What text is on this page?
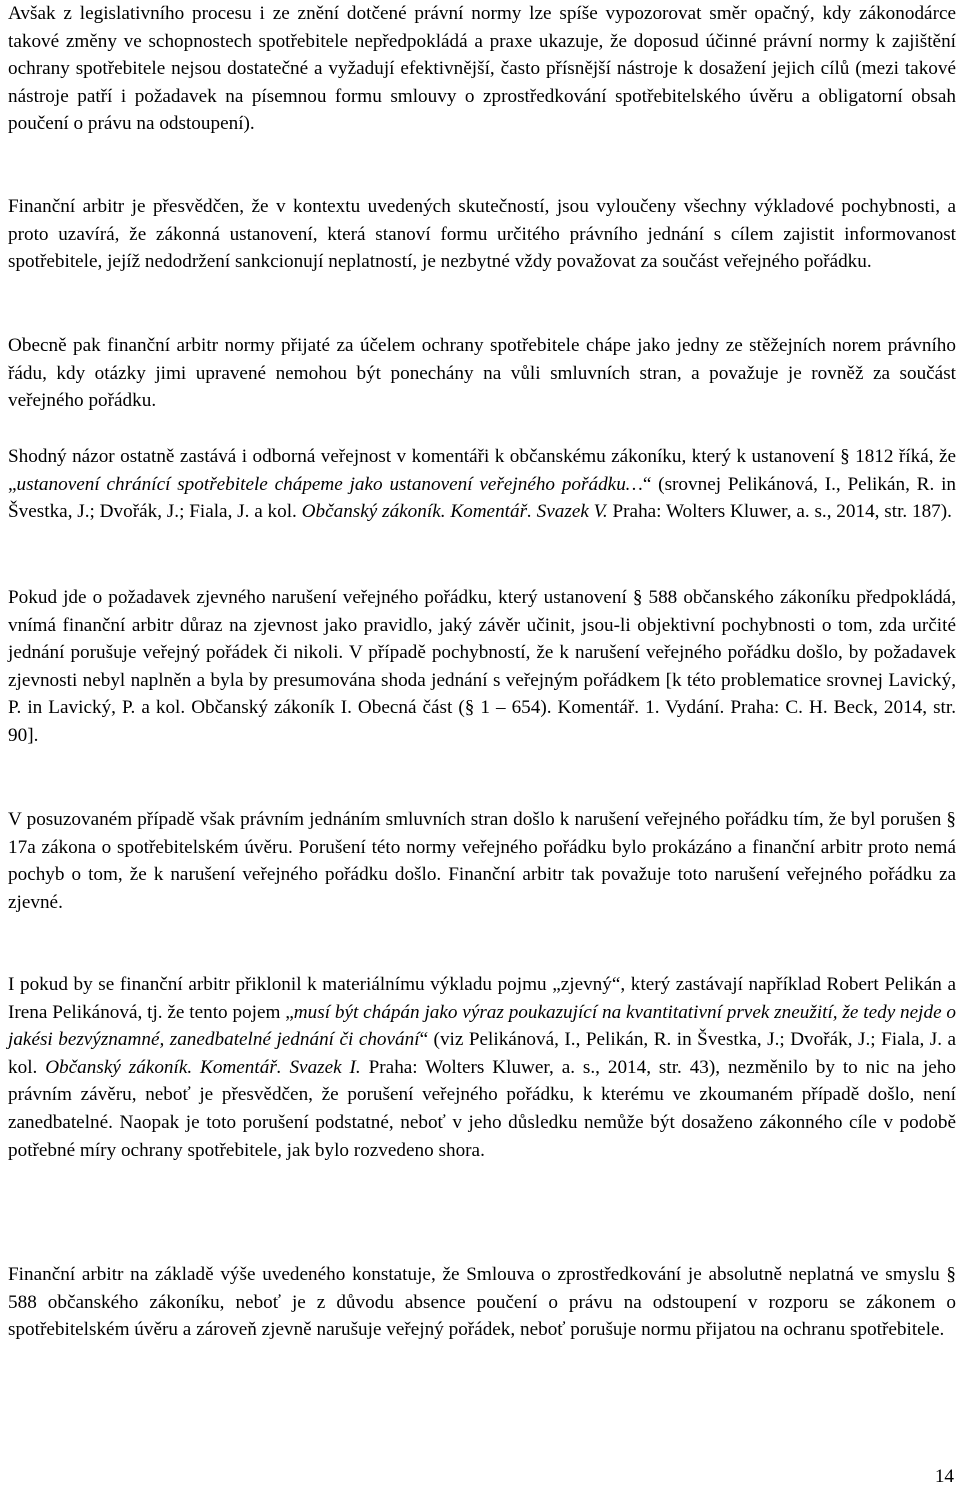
Avšak z legislativního procesu i ze znění dotčené právní normy lze spíše vypozorovat směr opačný, kdy zákonodárce takové změny ve schopnostech spotřebitele nepředpokládá a praxe ukazuje, že doposud účinné právní normy k zajištění ochrany spotřebitele nejsou dostatečné a vyžadují efektivnější, často přísnější nástroje k dosažení jejich cílů (mezi takové nástroje patří i požadavek na písemnou formu smlouvy o zprostředkování spotřebitelského úvěru a obligatorní obsah poučení o právu na odstoupení).

Finanční arbitr je přesvědčen, že v kontextu uvedených skutečností, jsou vyloučeny všechny výkladové pochybnosti, a proto uzavírá, že zákonná ustanovení, která stanoví formu určitého právního jednání s cílem zajistit informovanost spotřebitele, jejíž nedodržení sankcionují neplatností, je nezbytné vždy považovat za součást veřejného pořádku.

Obecně pak finanční arbitr normy přijaté za účelem ochrany spotřebitele chápe jako jedny ze stěžejních norem právního řádu, kdy otázky jimi upravené nemohou být ponechány na vůli smluvních stran, a považuje je rovněž za součást veřejného pořádku.

Shodný názor ostatně zastává i odborná veřejnost v komentáři k občanskému zákoníku, který k ustanovení § 1812 říká, že „ustanovení chránící spotřebitele chápeme jako ustanovení veřejného pořádku…“ (srovnej Pelikánová, I., Pelikán, R. in Švestka, J.; Dvořák, J.; Fiala, J. a kol. Občanský zákoník. Komentář. Svazek V. Praha: Wolters Kluwer, a. s., 2014, str. 187).

Pokud jde o požadavek zjevného narušení veřejného pořádku, který ustanovení § 588 občanského zákoníku předpokládá, vnímá finanční arbitr důraz na zjevnost jako pravidlo, jaký závěr učinit, jsou-li objektivní pochybnosti o tom, zda určité jednání porušuje veřejný pořádek či nikoli. V případě pochybností, že k narušení veřejného pořádku došlo, by požadavek zjevnosti nebyl naplněn a byla by presumována shoda jednání s veřejným pořádkem [k této problematice srovnej Lavický, P. in Lavický, P. a kol. Občanský zákoník I. Obecná část (§ 1 – 654). Komentář. 1. Vydání. Praha: C. H. Beck, 2014, str. 90].

V posuzovaném případě však právním jednáním smluvních stran došlo k narušení veřejného pořádku tím, že byl porušen § 17a zákona o spotřebitelském úvěru. Porušení této normy veřejného pořádku bylo prokázáno a finanční arbitr proto nemá pochyb o tom, že k narušení veřejného pořádku došlo. Finanční arbitr tak považuje toto narušení veřejného pořádku za zjevné.

I pokud by se finanční arbitr přiklonil k materiálnímu výkladu pojmu „zjevný“, který zastávají například Robert Pelikán a Irena Pelikánová, tj. že tento pojem „musí být chápán jako výraz poukazující na kvantitativní prvek zneužití, že tedy nejde o jakési bezvýznamné, zanedbatelné jednání či chování“ (viz Pelikánová, I., Pelikán, R. in Švestka, J.; Dvořák, J.; Fiala, J. a kol. Občanský zákoník. Komentář. Svazek I. Praha: Wolters Kluwer, a. s., 2014, str. 43), nezměnilo by to nic na jeho právním závěru, neboť je přesvědčen, že porušení veřejného pořádku, k kterému ve zkoumaném případě došlo, není zanedbatelné. Naopak je toto porušení podstatné, neboť v jeho důsledku nemůže být dosaženo zákonného cíle v podobě potřebné míry ochrany spotřebitele, jak bylo rozvedeno shora.

Finanční arbitr na základě výše uvedeného konstatuje, že Smlouva o zprostředkování je absolutně neplatná ve smyslu § 588 občanského zákoníku, neboť je z důvodu absence poučení o právu na odstoupení v rozporu se zákonem o spotřebitelském úvěru a zároveň zjevně narušuje veřejný pořádek, neboť porušuje normu přijatou na ochranu spotřebitele.

14
